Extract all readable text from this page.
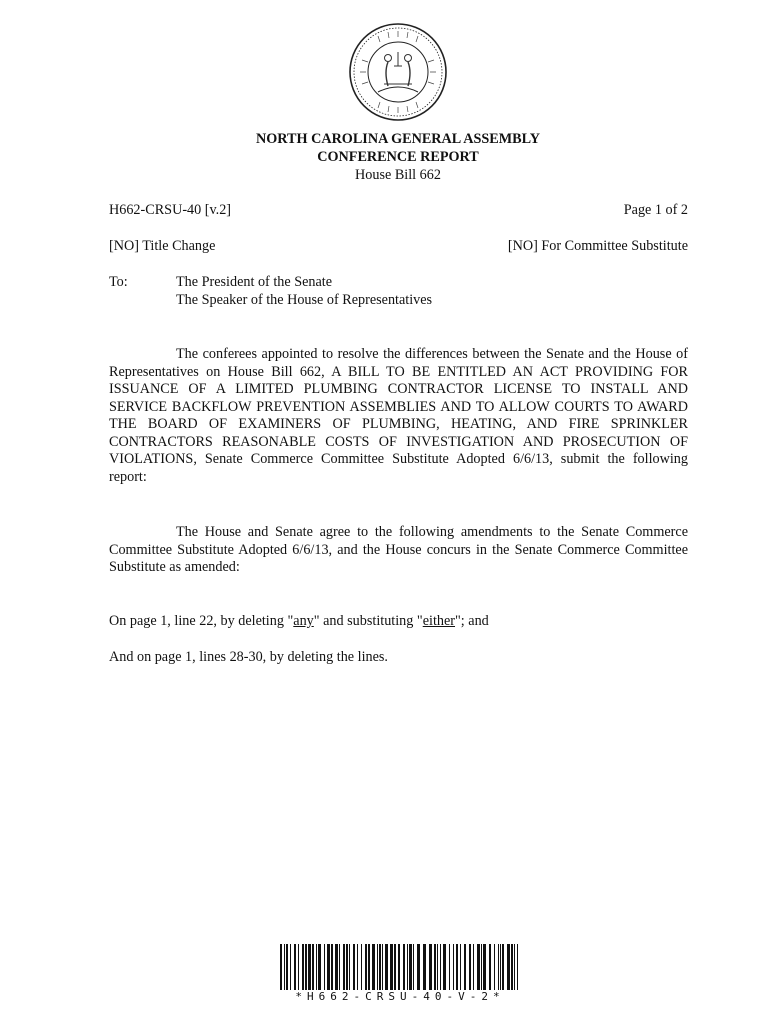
NORTH CAROLINA GENERAL ASSEMBLY
CONFERENCE REPORT
House Bill 662
H662-CRSU-40 [v.2]	Page 1 of 2
[NO] Title Change	[NO] For Committee Substitute
To:	The President of the Senate
The Speaker of the House of Representatives
The conferees appointed to resolve the differences between the Senate and the House of Representatives on House Bill 662, A BILL TO BE ENTITLED AN ACT PROVIDING FOR ISSUANCE OF A LIMITED PLUMBING CONTRACTOR LICENSE TO INSTALL AND SERVICE BACKFLOW PREVENTION ASSEMBLIES AND TO ALLOW COURTS TO AWARD THE BOARD OF EXAMINERS OF PLUMBING, HEATING, AND FIRE SPRINKLER CONTRACTORS REASONABLE COSTS OF INVESTIGATION AND PROSECUTION OF VIOLATIONS, Senate Commerce Committee Substitute Adopted 6/6/13, submit the following report:
The House and Senate agree to the following amendments to the Senate Commerce Committee Substitute Adopted 6/6/13, and the House concurs in the Senate Commerce Committee Substitute as amended:
On page 1, line 22, by deleting "any" and substituting "either"; and
And on page 1, lines 28-30, by deleting the lines.
*H662-CRSU-40-V-2*
